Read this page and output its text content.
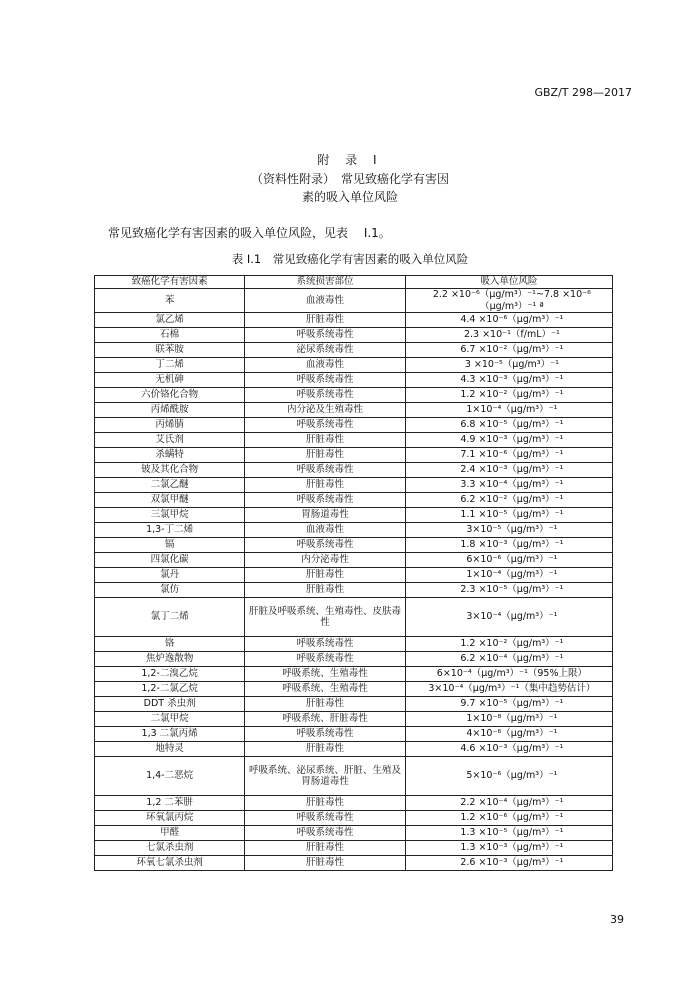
GBZ/T 298—2017
附 录 I
（资料性附录）　常见致癌化学有害因
素的吸入单位风险
常见致癌化学有害因素的吸入单位风险，见表　 I.1。
表 I.1　常见致癌化学有害因素的吸入单位风险
致癌化学有害因素	系统损害部位	吸入单位风险
苯	血液毒性	2.2 ×10⁻⁶（μg/m³）⁻¹~7.8 ×10⁻⁶（μg/m³）⁻¹ ª
氯乙烯	肝脏毒性	4.4 ×10⁻⁶（μg/m³）⁻¹
石棉	呼吸系统毒性	2.3 ×10⁻¹（f/mL）⁻¹
联苯胺	泌尿系统毒性	6.7 ×10⁻²（μg/m³）⁻¹
丁二烯	血液毒性	3 ×10⁻⁵（μg/m³）⁻¹
无机砷	呼吸系统毒性	4.3 ×10⁻³（μg/m³）⁻¹
六价铬化合物	呼吸系统毒性	1.2 ×10⁻²（μg/m³）⁻¹
丙烯酰胺	内分泌及生殖毒性	1×10⁻⁴（μg/m³）⁻¹
丙烯腈	呼吸系统毒性	6.8 ×10⁻⁵（μg/m³）⁻¹
艾氏剂	肝脏毒性	4.9 ×10⁻³（μg/m³）⁻¹
杀螨特	肝脏毒性	7.1 ×10⁻⁶（μg/m³）⁻¹
铍及其化合物	呼吸系统毒性	2.4 ×10⁻³（μg/m³）⁻¹
二氯乙醚	肝脏毒性	3.3 ×10⁻⁴（μg/m³）⁻¹
双氯甲醚	呼吸系统毒性	6.2 ×10⁻²（μg/m³）⁻¹
三氯甲烷	胃肠道毒性	1.1 ×10⁻⁵（μg/m³）⁻¹
1,3-丁二烯	血液毒性	3×10⁻⁵（μg/m³）⁻¹
镉	呼吸系统毒性	1.8 ×10⁻³（μg/m³）⁻¹
四氯化碳	内分泌毒性	6×10⁻⁶（μg/m³）⁻¹
氯丹	肝脏毒性	1×10⁻⁴（μg/m³）⁻¹
氯仿	肝脏毒性	2.3 ×10⁻⁵（μg/m³）⁻¹
氯丁二烯	肝脏及呼吸系统、生殖毒性、皮肤毒性	3×10⁻⁴（μg/m³）⁻¹
铬	呼吸系统毒性	1.2 ×10⁻²（μg/m³）⁻¹
焦炉逸散物	呼吸系统毒性	6.2 ×10⁻⁴（μg/m³）⁻¹
1,2-二溴乙烷	呼吸系统、生殖毒性	6×10⁻⁴（μg/m³）⁻¹（95%上限）
1,2-二氯乙烷	呼吸系统、生殖毒性	3×10⁻⁴（μg/m³）⁻¹（集中趋势估计）
DDT 杀虫剂	肝脏毒性	9.7 ×10⁻⁵（μg/m³）⁻¹
二氯甲烷	呼吸系统、肝脏毒性	1×10⁻⁸（μg/m³）⁻¹
1,3 二氯丙烯	呼吸系统毒性	4×10⁻⁶（μg/m³）⁻¹
地特灵	肝脏毒性	4.6 ×10⁻³（μg/m³）⁻¹
1,4-二恶烷	呼吸系统、泌尿系统、肝脏、生殖及胃肠道毒性	5×10⁻⁶（μg/m³）⁻¹
1,2 二苯肼	肝脏毒性	2.2 ×10⁻⁴（μg/m³）⁻¹
环氧氯丙烷	呼吸系统毒性	1.2 ×10⁻⁶（μg/m³）⁻¹
甲醛	呼吸系统毒性	1.3 ×10⁻⁵（μg/m³）⁻¹
七氯杀虫剂	肝脏毒性	1.3 ×10⁻³（μg/m³）⁻¹
环氧七氯杀虫剂	肝脏毒性	2.6 ×10⁻³（μg/m³）⁻¹
39
